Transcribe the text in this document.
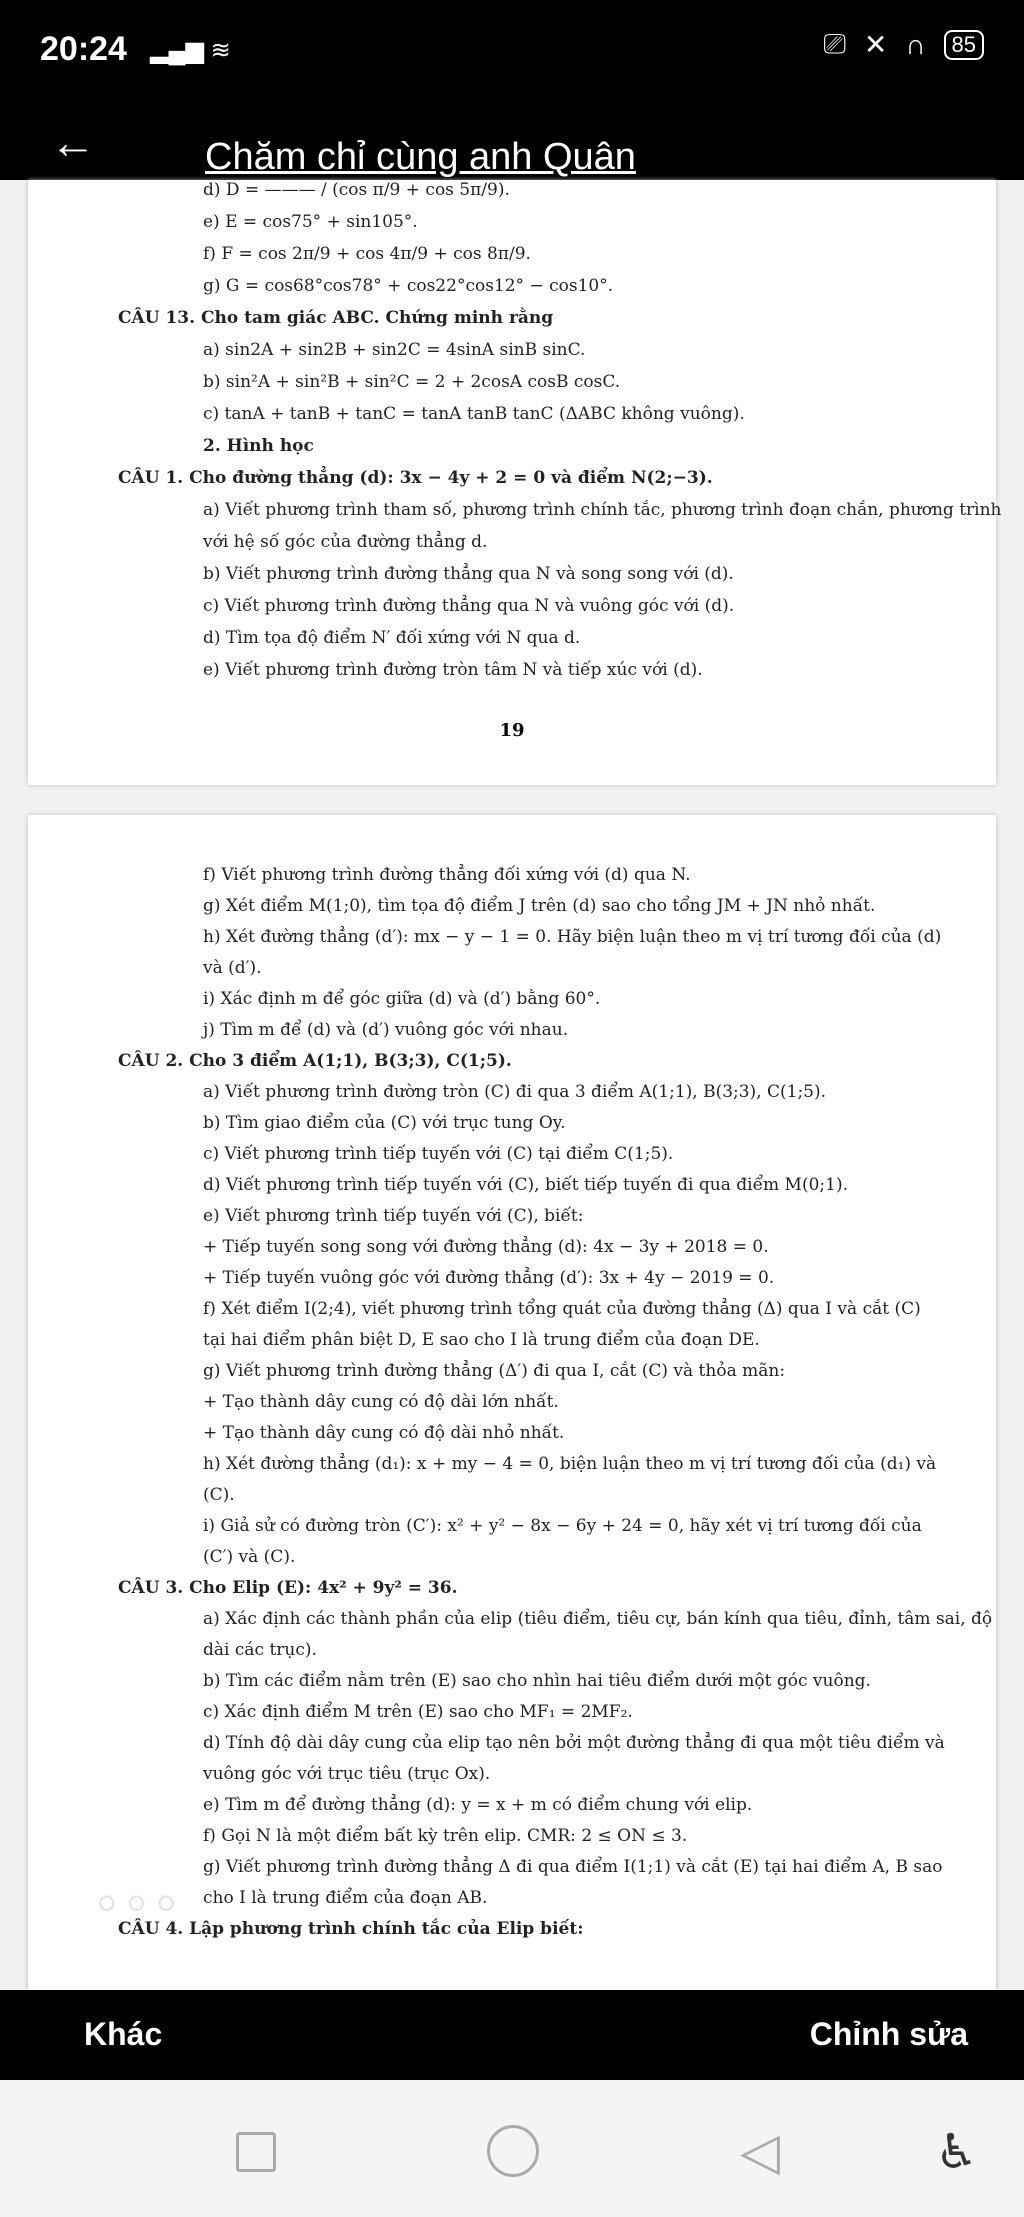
20:24 ▂▄▆ ≋	⎚ ✕ ∩	85
←	Chăm chỉ cùng anh Quân
d) D = ——— / (cos π/9 + cos 5π/9).
e) E = cos75° + sin105°.
f) F = cos 2π/9 + cos 4π/9 + cos 8π/9.
g) G = cos68°cos78° + cos22°cos12° − cos10°.
CÂU 13. Cho tam giác ABC. Chứng minh rằng
a) sin2A + sin2B + sin2C = 4sinA sinB sinC.
b) sin²A + sin²B + sin²C = 2 + 2cosA cosB cosC.
c) tanA + tanB + tanC = tanA tanB tanC (ΔABC không vuông).
2. Hình học
CÂU 1. Cho đường thẳng (d): 3x − 4y + 2 = 0 và điểm N(2;−3).
a) Viết phương trình tham số, phương trình chính tắc, phương trình đoạn chắn, phương trình
với hệ số góc của đường thẳng d.
b) Viết phương trình đường thẳng qua N và song song với (d).
c) Viết phương trình đường thẳng qua N và vuông góc với (d).
d) Tìm tọa độ điểm N′ đối xứng với N qua d.
e) Viết phương trình đường tròn tâm N và tiếp xúc với (d).
19
f) Viết phương trình đường thẳng đối xứng với (d) qua N.
g) Xét điểm M(1;0), tìm tọa độ điểm J trên (d) sao cho tổng JM + JN nhỏ nhất.
h) Xét đường thẳng (d′): mx − y − 1 = 0. Hãy biện luận theo m vị trí tương đối của (d)
và (d′).
i) Xác định m để góc giữa (d) và (d′) bằng 60°.
j) Tìm m để (d) và (d′) vuông góc với nhau.
CÂU 2. Cho 3 điểm A(1;1), B(3;3), C(1;5).
a) Viết phương trình đường tròn (C) đi qua 3 điểm A(1;1), B(3;3), C(1;5).
b) Tìm giao điểm của (C) với trục tung Oy.
c) Viết phương trình tiếp tuyến với (C) tại điểm C(1;5).
d) Viết phương trình tiếp tuyến với (C), biết tiếp tuyến đi qua điểm M(0;1).
e) Viết phương trình tiếp tuyến với (C), biết:
+ Tiếp tuyến song song với đường thẳng (d): 4x − 3y + 2018 = 0.
+ Tiếp tuyến vuông góc với đường thẳng (d′): 3x + 4y − 2019 = 0.
f) Xét điểm I(2;4), viết phương trình tổng quát của đường thẳng (Δ) qua I và cắt (C)
tại hai điểm phân biệt D, E sao cho I là trung điểm của đoạn DE.
g) Viết phương trình đường thẳng (Δ′) đi qua I, cắt (C) và thỏa mãn:
+ Tạo thành dây cung có độ dài lớn nhất.
+ Tạo thành dây cung có độ dài nhỏ nhất.
h) Xét đường thẳng (d₁): x + my − 4 = 0, biện luận theo m vị trí tương đối của (d₁) và
(C).
i) Giả sử có đường tròn (C′): x² + y² − 8x − 6y + 24 = 0, hãy xét vị trí tương đối của
(C′) và (C).
CÂU 3. Cho Elip (E): 4x² + 9y² = 36.
a) Xác định các thành phần của elip (tiêu điểm, tiêu cự, bán kính qua tiêu, đỉnh, tâm sai, độ
dài các trục).
b) Tìm các điểm nằm trên (E) sao cho nhìn hai tiêu điểm dưới một góc vuông.
c) Xác định điểm M trên (E) sao cho MF₁ = 2MF₂.
d) Tính độ dài dây cung của elip tạo nên bởi một đường thẳng đi qua một tiêu điểm và
vuông góc với trục tiêu (trục Ox).
e) Tìm m để đường thẳng (d): y = x + m có điểm chung với elip.
f) Gọi N là một điểm bất kỳ trên elip. CMR: 2 ≤ ON ≤ 3.
g) Viết phương trình đường thẳng Δ đi qua điểm I(1;1) và cắt (E) tại hai điểm A, B sao
cho I là trung điểm của đoạn AB.
CÂU 4. Lập phương trình chính tắc của Elip biết:
•••
Khác	Chỉnh sửa
◁	♿
